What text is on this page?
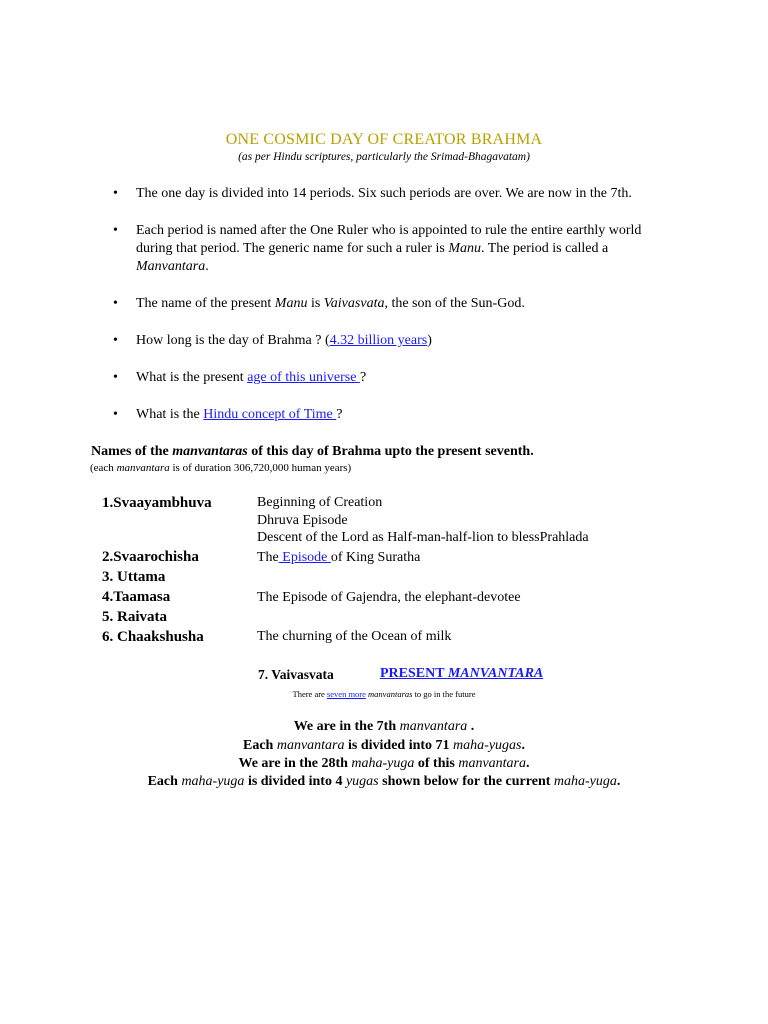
ONE COSMIC DAY OF CREATOR BRAHMA
(as per Hindu scriptures, particularly the Srimad-Bhagavatam)
• The one day is divided into 14 periods. Six such periods are over. We are now in the 7th.
• Each period is named after the One Ruler who is appointed to rule the entire earthly world during that period. The generic name for such a ruler is Manu. The period is called a Manvantara.
• The name of the present Manu is Vaivasvata, the son of the Sun-God.
• How long is the day of Brahma ? (4.32 billion years)
• What is the present age of this universe ?
• What is the Hindu concept of Time ?
Names of the manvantaras of this day of Brahma upto the present seventh.
(each manvantara is of duration 306,720,000 human years)
1.Svaayambhuva	Beginning of Creation
Dhruva Episode
Descent of the Lord as Half-man-half-lion to blessPrahlada
2.Svaarochisha	The Episode of King Suratha
3. Uttama
4.Taamasa	The Episode of Gajendra, the elephant-devotee
5. Raivata
6. Chaakshusha	The churning of the Ocean of milk
7. Vaivasvata	PRESENT MANVANTARA
There are seven more manvantaras to go in the future
We are in the 7th manvantara .
Each manvantara is divided into 71 maha-yugas.
We are in the 28th maha-yuga of this manvantara.
Each maha-yuga is divided into 4 yugas shown below for the current maha-yuga.
